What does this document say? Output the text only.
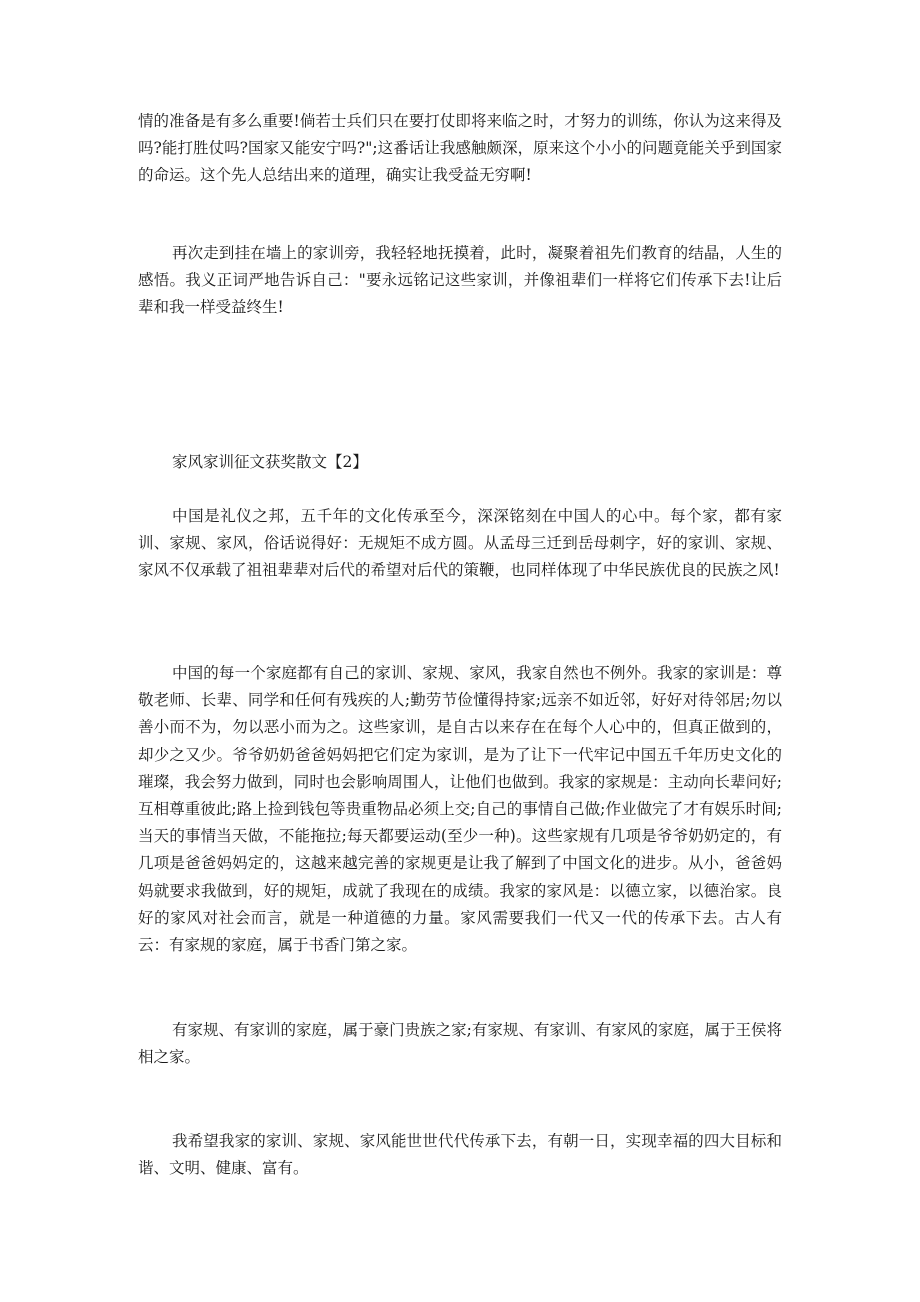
情的准备是有多么重要!倘若士兵们只在要打仗即将来临之时，才努力的训练，你认为这来得及吗?能打胜仗吗?国家又能安宁吗?";这番话让我感触颇深，原来这个小小的问题竟能关乎到国家的命运。这个先人总结出来的道理，确实让我受益无穷啊!

再次走到挂在墙上的家训旁，我轻轻地抚摸着，此时，凝聚着祖先们教育的结晶，人生的感悟。我义正词严地告诉自己："要永远铭记这些家训，并像祖辈们一样将它们传承下去!让后辈和我一样受益终生!

家风家训征文获奖散文【2】

中国是礼仪之邦，五千年的文化传承至今，深深铭刻在中国人的心中。每个家，都有家训、家规、家风，俗话说得好：无规矩不成方圆。从孟母三迁到岳母刺字，好的家训、家规、家风不仅承载了祖祖辈辈对后代的希望对后代的策鞭，也同样体现了中华民族优良的民族之风!

中国的每一个家庭都有自己的家训、家规、家风，我家自然也不例外。我家的家训是：尊敬老师、长辈、同学和任何有残疾的人;勤劳节俭懂得持家;远亲不如近邻，好好对待邻居;勿以善小而不为，勿以恶小而为之。这些家训，是自古以来存在在每个人心中的，但真正做到的，却少之又少。爷爷奶奶爸爸妈妈把它们定为家训，是为了让下一代牢记中国五千年历史文化的璀璨，我会努力做到，同时也会影响周围人，让他们也做到。我家的家规是：主动向长辈问好;互相尊重彼此;路上捡到钱包等贵重物品必须上交;自己的事情自己做;作业做完了才有娱乐时间;当天的事情当天做，不能拖拉;每天都要运动(至少一种)。这些家规有几项是爷爷奶奶定的，有几项是爸爸妈妈定的，这越来越完善的家规更是让我了解到了中国文化的进步。从小，爸爸妈妈就要求我做到，好的规矩，成就了我现在的成绩。我家的家风是：以德立家，以德治家。良好的家风对社会而言，就是一种道德的力量。家风需要我们一代又一代的传承下去。古人有云：有家规的家庭，属于书香门第之家。

有家规、有家训的家庭，属于豪门贵族之家;有家规、有家训、有家风的家庭，属于王侯将相之家。

我希望我家的家训、家规、家风能世世代代传承下去，有朝一日，实现幸福的四大目标和谐、文明、健康、富有。
